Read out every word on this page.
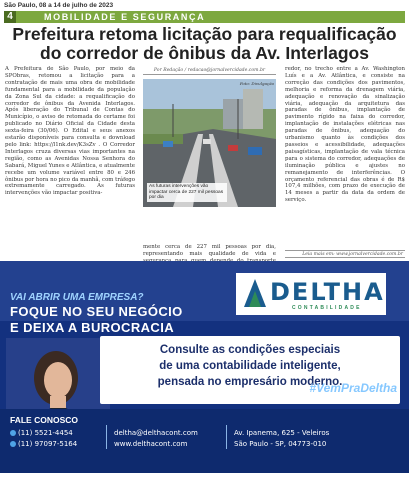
São Paulo, 08 a 14 de julho de 2023
4	MOBILIDADE E SEGURANÇA
Prefeitura retoma licitação para requalificação
do corredor de ônibus da Av. Interlagos

A Prefeitura de São Paulo, por meio da SPObras, retomou a licitação para a contratação de mais uma obra de mobilidade fundamental para a mobilidade da população da Zona Sul da cidade: a requalificação do corredor de ônibus da Avenida Interlagos. Após liberação do Tribunal de Contas do Município, o aviso de retomada do certame foi publicado no Diário Oficial da Cidade desta sexta-feira (30/06). O Edital e seus anexos estarão disponíveis para consulta e download pelo link: https://l1nk.dev/K3sZv . O Corredor Interlagos cruza diversas vias importantes na região, como as Avenidas Nossa Senhora do Sabará, Miguel Yunes e Atlântica, e atualmente recebe um volume variável entre 80 e 246 ônibus por hora no pico da manhã, com tráfego extremamente carregado. As futuras intervenções vão impactar positiva-

Por Redação / redacao@jornalvercidade.com.br
Foto: Divulgação
As futuras intervenções vão impactar cerca de 227 mil pessoas por dia

mente cerca de 227 mil pessoas por dia, representando mais qualidade de vida e

redor, no trecho entre a Av. Washington Luís e a Av. Atlântica, e consiste na correção das condições dos pavimentos, melhoria e reforma da drenagem viária, adequação e renovação da sinalização viária, adequação da arquitetura das paradas de ônibus, implantação de pavimento rígido na faixa do corredor, implantação de instalações elétricas nas paradas de ônibus, adequação do urbanismo quanto às condições dos passeios e acessibilidade, adequações paisagísticas, implantação de vala técnica para o sistema do corredor, adequações de iluminação pública e ajustes no remanejamento de interferências. O orçamento referencial das obras é de R$ 107,4 milhões, com prazo de execução de 14 meses a partir da data da ordem de serviço.

Leia mais em: www.jornalvercidade.com.br
VAI ABRIR UMA EMPRESA?
FOQUE NO SEU NEGÓCIO
E DEIXA A BUROCRACIA
DELTHA
CONTABILIDADE
Consulte as condições especiais
de uma contabilidade inteligente,
pensada no empresário moderno.
#VemPraDeltha
FALE CONOSCO
(11) 5521-4454
(11) 97097-5164
deltha@delthacont.com
www.delthacont.com
Av. Ipanema, 625 - Veleiros
São Paulo - SP, 04773-010
